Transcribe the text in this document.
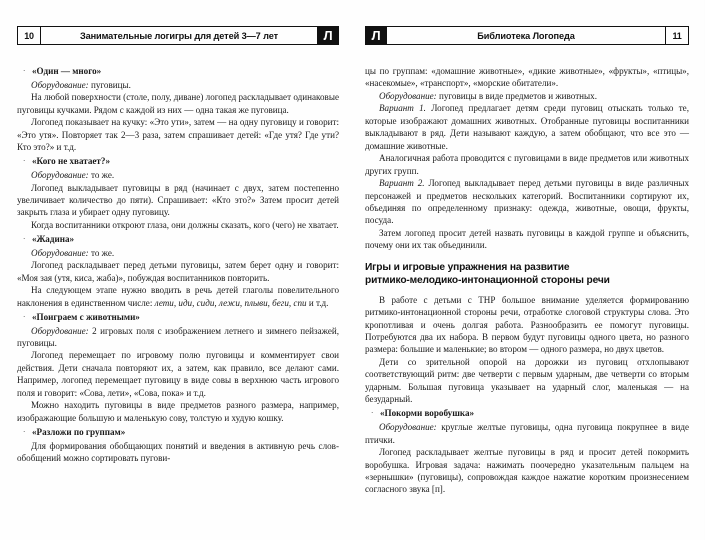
10	Занимательные логигры для детей 3—7 лет	Л
· «Один — много»

Оборудование: пуговицы.

На любой поверхности (столе, полу, диване) логопед раскладывает одинаковые пуговицы кучками. Рядом с каждой из них — одна такая же пуговица.

Логопед показывает на кучку: «Это ути», затем — на одну пуговицу и говорит: «Это утя». Повторяет так 2—3 раза, затем спрашивает детей: «Где утя? Где ути? Кто это?» и т.д.

· «Кого не хватает?»

Оборудование: то же.

Логопед выкладывает пуговицы в ряд (начинает с двух, затем постепенно увеличивает количество до пяти). Спрашивает: «Кто это?» Затем просит детей закрыть глаза и убирает одну пуговицу.

Когда воспитанники откроют глаза, они должны сказать, кого (чего) не хватает.

· «Жадина»

Оборудование: то же.

Логопед раскладывает перед детьми пуговицы, затем берет одну и говорит: «Моя зая (утя, киса, жаба)», побуждая воспитанников повторить.

На следующем этапе нужно вводить в речь детей глаголы повелительного наклонения в единственном числе: лети, иди, сиди, лежи, плыви, беги, спи и т.д.

· «Поиграем с животными»

Оборудование: 2 игровых поля с изображением летнего и зимнего пейзажей, пуговицы.

Логопед перемещает по игровому полю пуговицы и комментирует свои действия. Дети сначала повторяют их, а затем, как правило, все делают сами. Например, логопед перемещает пуговицу в виде совы в верхнюю часть игрового поля и говорит: «Сова, лети», «Сова, пока» и т.д.

Можно находить пуговицы в виде предметов разного размера, например, изображающие большую и маленькую сову, толстую и худую кошку.

· «Разложи по группам»

Для формирования обобщающих понятий и введения в активную речь слов-обобщений можно сортировать пугови-

Л	Библиотека Логопеда	11

цы по группам: «домашние животные», «дикие животные», «фрукты», «птицы», «насекомые», «транспорт», «морские обитатели».

Оборудование: пуговицы в виде предметов и животных.

Вариант 1. Логопед предлагает детям среди пуговиц отыскать только те, которые изображают домашних животных. Отобранные пуговицы воспитанники выкладывают в ряд. Дети называют каждую, а затем обобщают, что все это — домашние животные.

Аналогичная работа проводится с пуговицами в виде предметов или животных других групп.

Вариант 2. Логопед выкладывает перед детьми пуговицы в виде различных персонажей и предметов нескольких категорий. Воспитанники сортируют их, объединяя по определенному признаку: одежда, животные, овощи, фрукты, посуда.

Затем логопед просит детей назвать пуговицы в каждой группе и объяснить, почему они их так объединили.

Игры и игровые упражнения на развитие
ритмико-мелодико-интонационной стороны речи

В работе с детьми с ТНР большое внимание уделяется формированию ритмико-интонационной стороны речи, отработке слоговой структуры слова. Это кропотливая и очень долгая работа. Разнообразить ее помогут пуговицы. Потребуются два их набора. В первом будут пуговицы одного цвета, но разного размера: большие и маленькие; во втором — одного размера, но двух цветов.

Дети со зрительной опорой на дорожки из пуговиц отхлопывают соответствующий ритм: две четверти с первым ударным, две четверти со вторым ударным. Большая пуговица указывает на ударный слог, маленькая — на безударный.

· «Покорми воробушка»

Оборудование: круглые желтые пуговицы, одна пуговица покрупнее в виде птички.

Логопед раскладывает желтые пуговицы в ряд и просит детей покормить воробушка. Игровая задача: нажимать поочередно указательным пальцем на «зернышки» (пуговицы), сопровождая каждое нажатие коротким произнесением согласного звука [п].
